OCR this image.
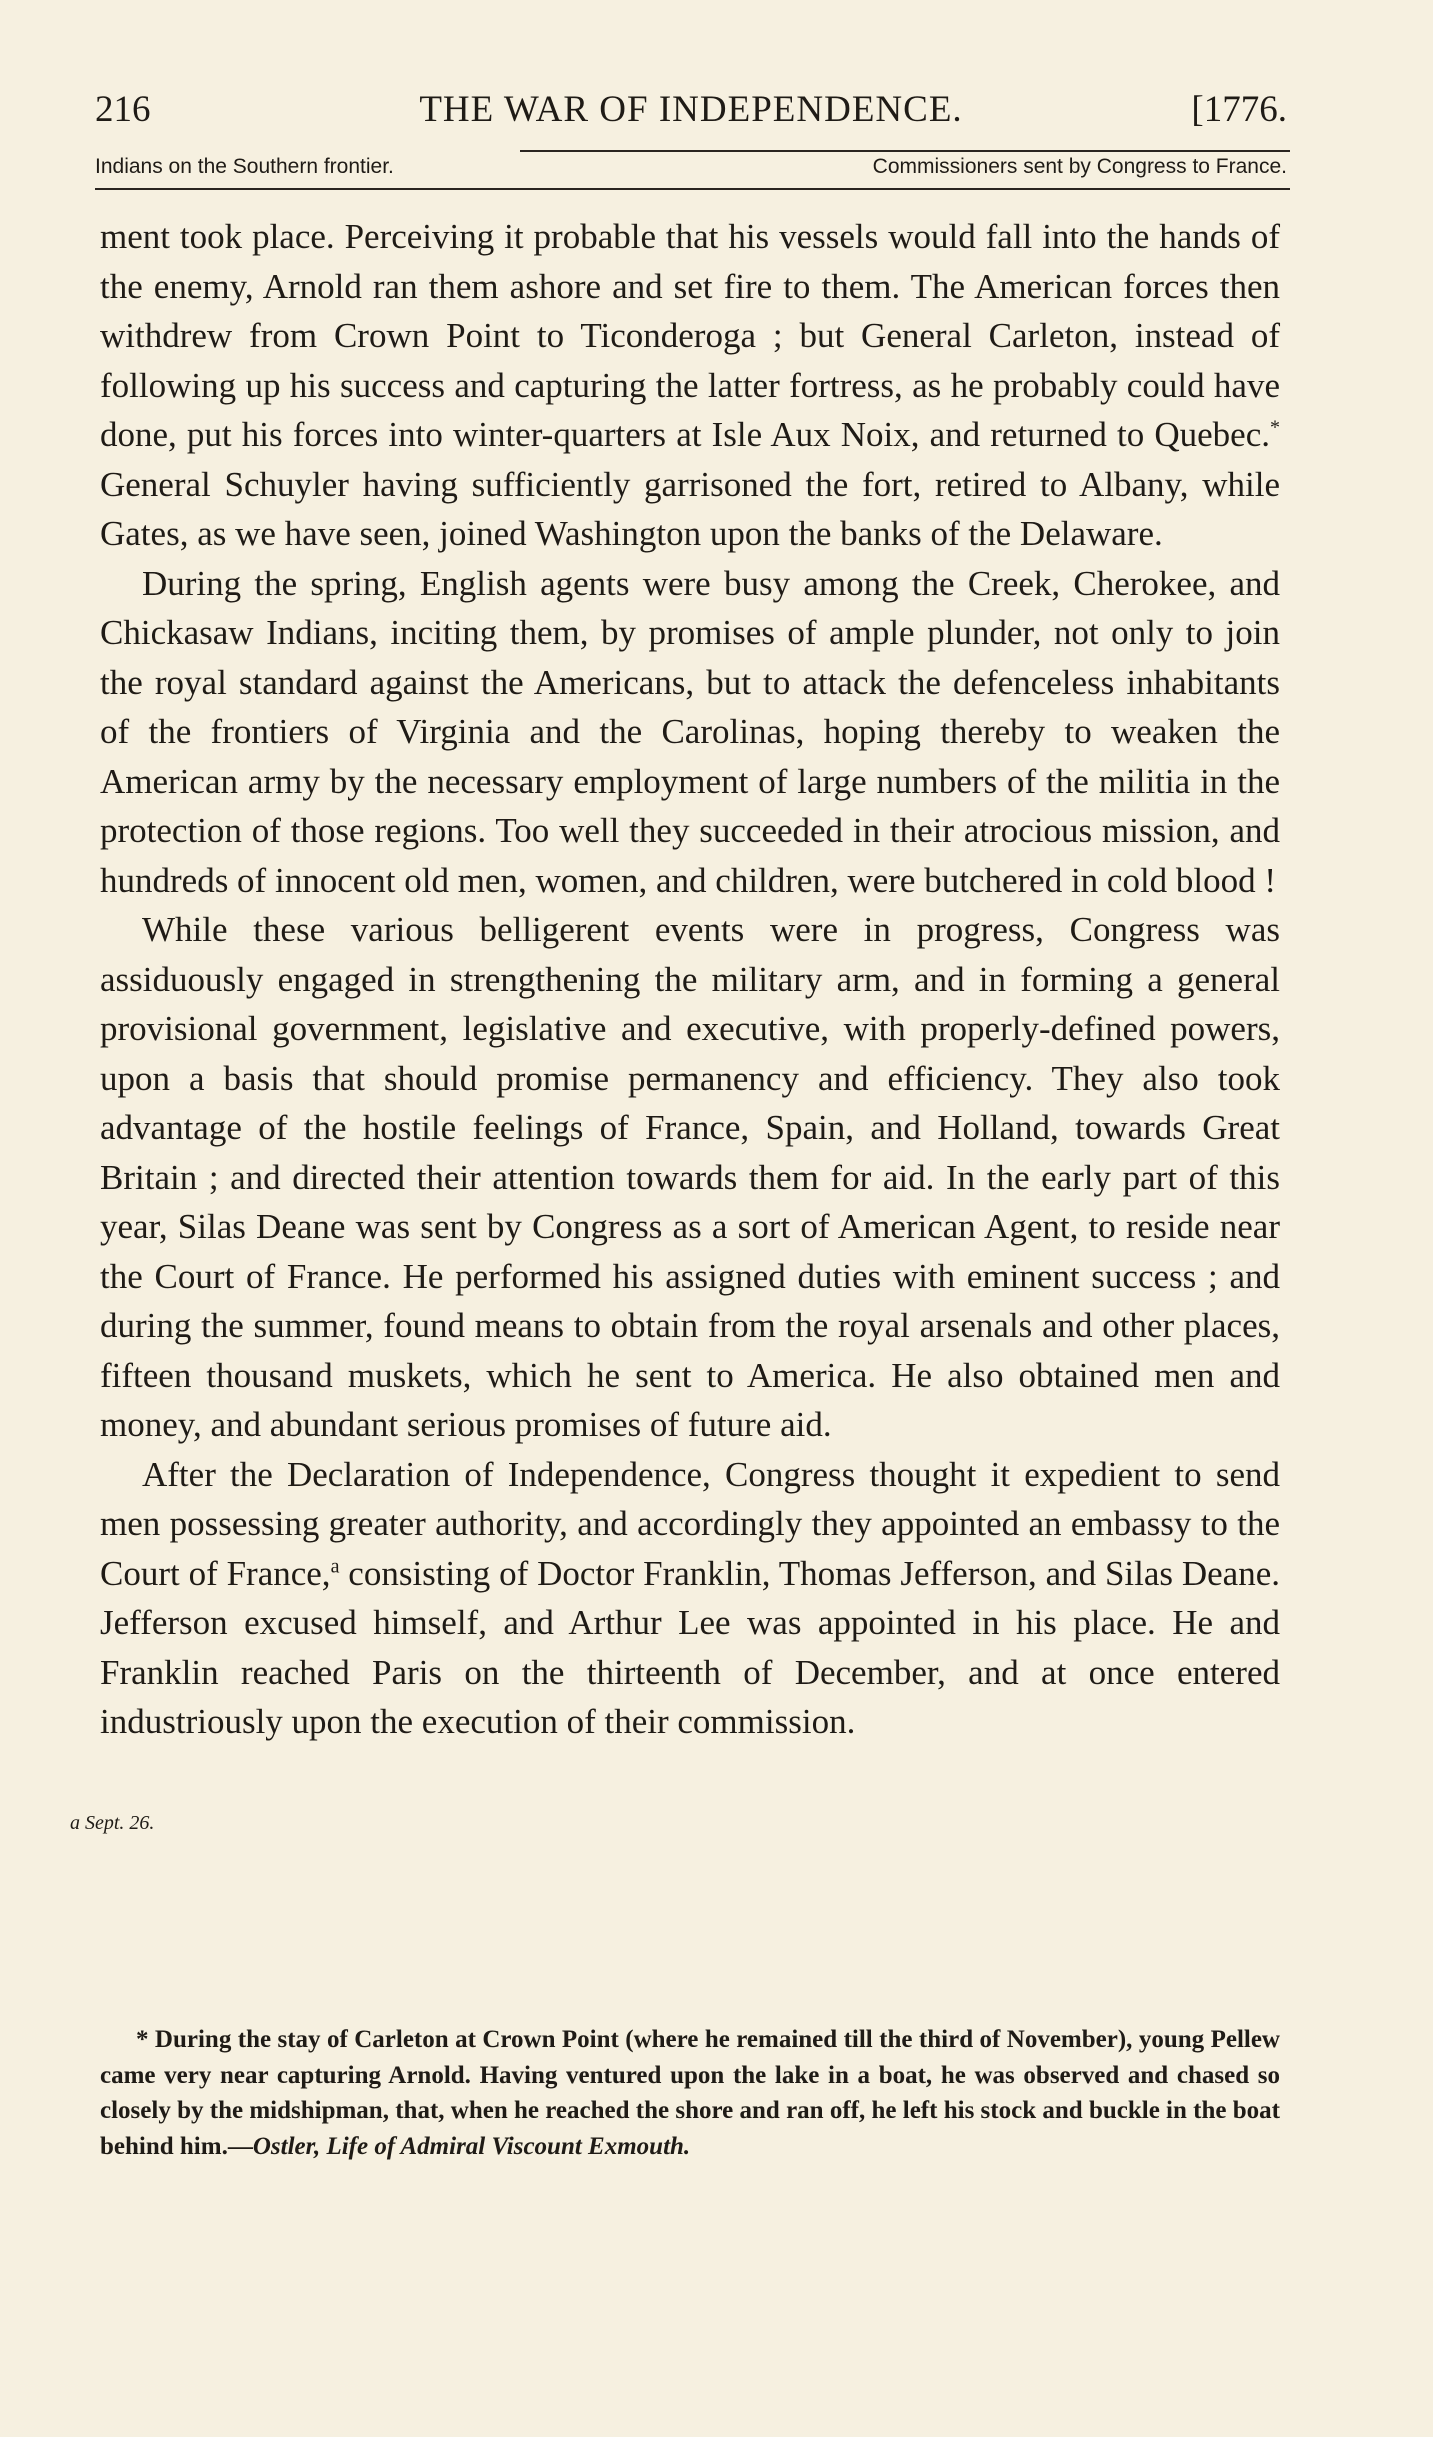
216	THE WAR OF INDEPENDENCE.	[1776.
Indians on the Southern frontier.	Commissioners sent by Congress to France.

ment took place. Perceiving it probable that his vessels would fall into the hands of the enemy, Arnold ran them ashore and set fire to them. The American forces then withdrew from Crown Point to Ticonderoga ; but General Carleton, instead of following up his success and capturing the latter fortress, as he probably could have done, put his forces into winter-quarters at Isle Aux Noix, and returned to Quebec.* General Schuyler having sufficiently garrisoned the fort, retired to Albany, while Gates, as we have seen, joined Washington upon the banks of the Delaware.

During the spring, English agents were busy among the Creek, Cherokee, and Chickasaw Indians, inciting them, by promises of ample plunder, not only to join the royal standard against the Americans, but to attack the defenceless inhabitants of the frontiers of Virginia and the Carolinas, hoping thereby to weaken the American army by the necessary employment of large numbers of the militia in the protection of those regions. Too well they succeeded in their atrocious mission, and hundreds of innocent old men, women, and children, were butchered in cold blood !

While these various belligerent events were in progress, Congress was assiduously engaged in strengthening the military arm, and in forming a general provisional government, legislative and executive, with properly-defined powers, upon a basis that should promise permanency and efficiency. They also took advantage of the hostile feelings of France, Spain, and Holland, towards Great Britain ; and directed their attention towards them for aid. In the early part of this year, Silas Deane was sent by Congress as a sort of American Agent, to reside near the Court of France. He performed his assigned duties with eminent success ; and during the summer, found means to obtain from the royal arsenals and other places, fifteen thousand muskets, which he sent to America. He also obtained men and money, and abundant serious promises of future aid.

After the Declaration of Independence, Congress thought it expedient to send men possessing greater authority, and accordingly they appointed an embassy to the Court of France,$^a$ consisting of Doctor Franklin, Thomas Jefferson, and Silas Deane. Jefferson excused himself, and Arthur Lee was appointed in his place. He and Franklin reached Paris on the thirteenth of December, and at once entered industriously upon the execution of their commission.

a Sept. 26.

* During the stay of Carleton at Crown Point (where he remained till the third of November), young Pellew came very near capturing Arnold. Having ventured upon the lake in a boat, he was observed and chased so closely by the midshipman, that, when he reached the shore and ran off, he left his stock and buckle in the boat behind him.—Ostler, Life of Admiral Viscount Exmouth.
